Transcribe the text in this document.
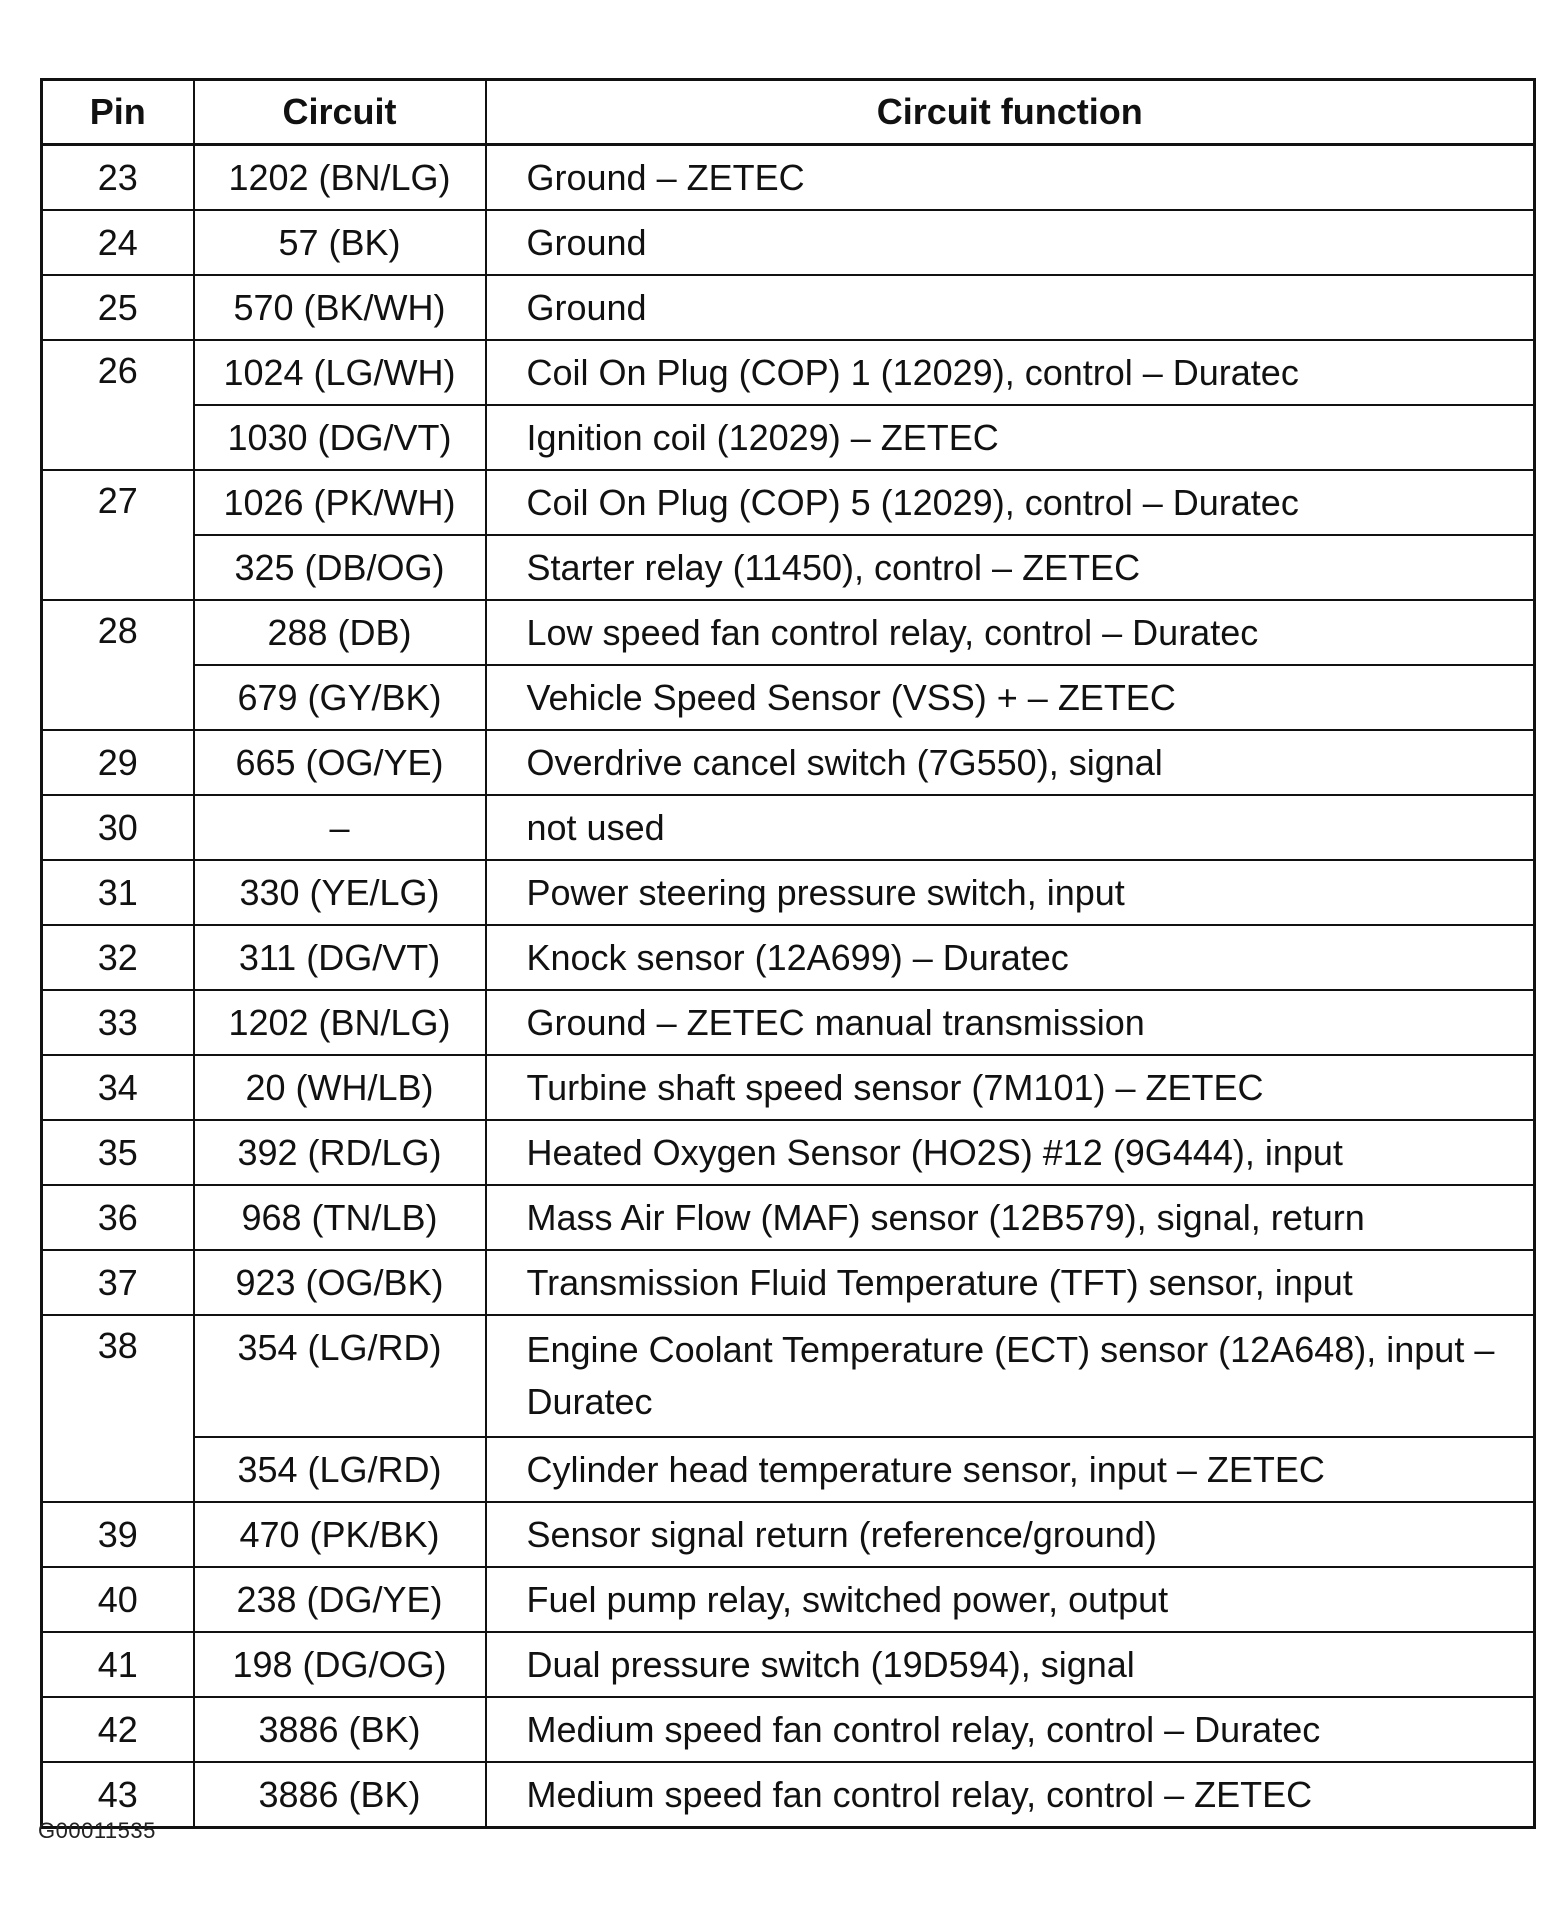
Pin	Circuit	Circuit function
23	1202 (BN/LG)	Ground – ZETEC
24	57 (BK)	Ground
25	570 (BK/WH)	Ground
26	1024 (LG/WH)	Coil On Plug (COP) 1 (12029), control – Duratec
	1030 (DG/VT)	Ignition coil (12029) – ZETEC
27	1026 (PK/WH)	Coil On Plug (COP) 5 (12029), control – Duratec
	325 (DB/OG)	Starter relay (11450), control – ZETEC
28	288 (DB)	Low speed fan control relay, control – Duratec
	679 (GY/BK)	Vehicle Speed Sensor (VSS) + – ZETEC
29	665 (OG/YE)	Overdrive cancel switch (7G550), signal
30	–	not used
31	330 (YE/LG)	Power steering pressure switch, input
32	311 (DG/VT)	Knock sensor (12A699) – Duratec
33	1202 (BN/LG)	Ground – ZETEC manual transmission
34	20 (WH/LB)	Turbine shaft speed sensor (7M101) – ZETEC
35	392 (RD/LG)	Heated Oxygen Sensor (HO2S) #12 (9G444), input
36	968 (TN/LB)	Mass Air Flow (MAF) sensor (12B579), signal, return
37	923 (OG/BK)	Transmission Fluid Temperature (TFT) sensor, input
38	354 (LG/RD)	Engine Coolant Temperature (ECT) sensor (12A648), input – Duratec
	354 (LG/RD)	Cylinder head temperature sensor, input – ZETEC
39	470 (PK/BK)	Sensor signal return (reference/ground)
40	238 (DG/YE)	Fuel pump relay, switched power, output
41	198 (DG/OG)	Dual pressure switch (19D594), signal
42	3886 (BK)	Medium speed fan control relay, control – Duratec
43	3886 (BK)	Medium speed fan control relay, control – ZETEC
G00011535
